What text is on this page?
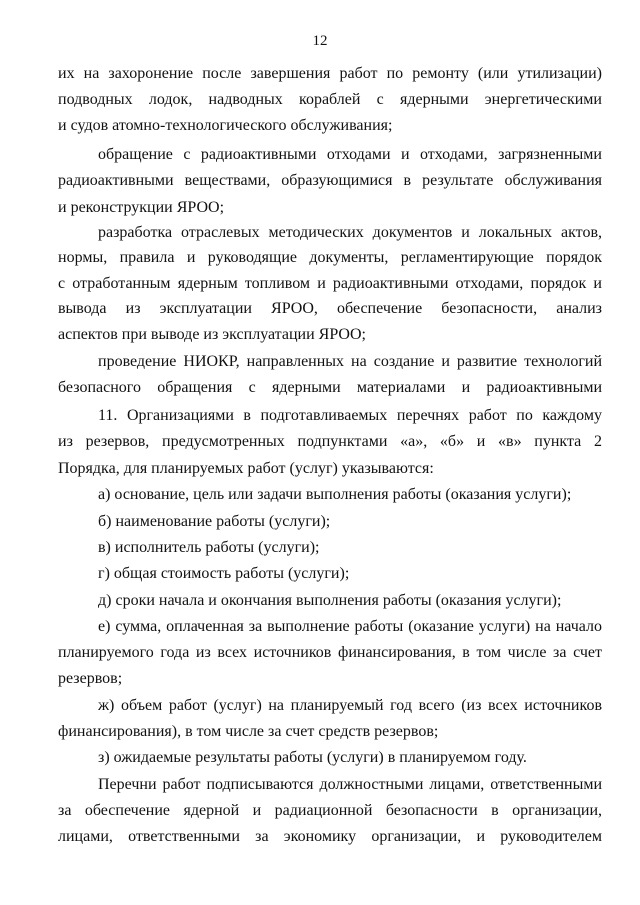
12
их на захоронение после завершения работ по ремонту (или утилизации)
подводных лодок, надводных кораблей с ядерными энергетическими
и судов атомно-технологического обслуживания;
обращение с радиоактивными отходами и отходами, загрязненными
радиоактивными веществами, образующимися в результате обслуживания
и реконструкции ЯРОО;
разработка отраслевых методических документов и локальных актов,
нормы, правила и руководящие документы, регламентирующие порядок
с отработанным ядерным топливом и радиоактивными отходами, порядок и
вывода из эксплуатации ЯРОО, обеспечение безопасности, анализ
аспектов при выводе из эксплуатации ЯРОО;
проведение НИОКР, направленных на создание и развитие технологий
безопасного обращения с ядерными материалами и радиоактивными
11. Организациями в подготавливаемых перечнях работ по каждому
из резервов, предусмотренных подпунктами «а», «б» и «в» пункта 2
Порядка, для планируемых работ (услуг) указываются:
а) основание, цель или задачи выполнения работы (оказания услуги);
б) наименование работы (услуги);
в) исполнитель работы (услуги);
г) общая стоимость работы (услуги);
д) сроки начала и окончания выполнения работы (оказания услуги);
е) сумма, оплаченная за выполнение работы (оказание услуги) на начало
планируемого года из всех источников финансирования, в том числе за счет
резервов;
ж) объем работ (услуг) на планируемый год всего (из всех источников
финансирования), в том числе за счет средств резервов;
з) ожидаемые результаты работы (услуги) в планируемом году.
Перечни работ подписываются должностными лицами, ответственными
за обеспечение ядерной и радиационной безопасности в организации,
лицами, ответственными за экономику организации, и руководителем
